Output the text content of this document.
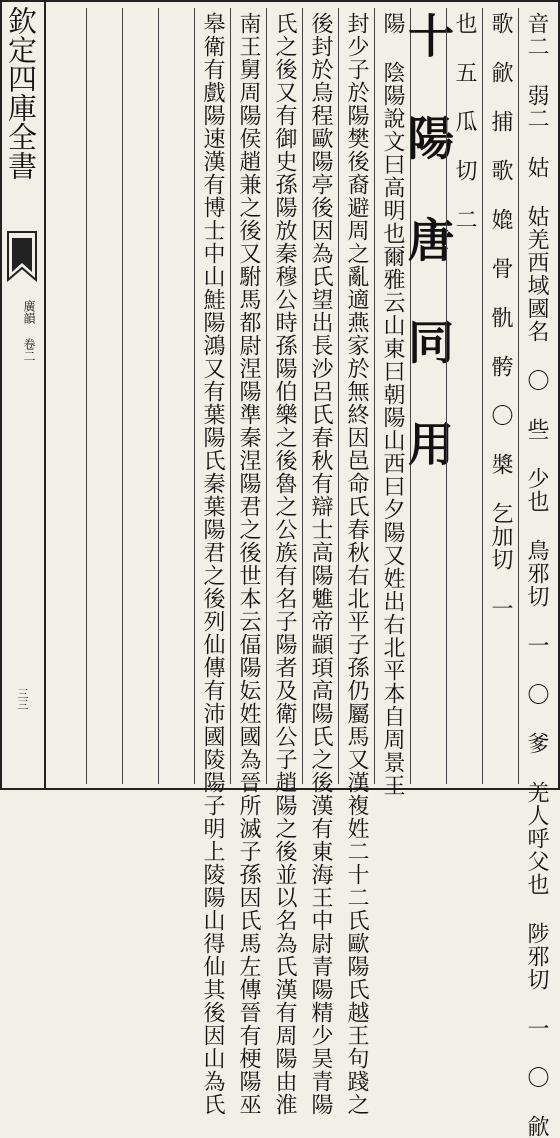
欽定四庫全書
廣韻 卷二
三三	音二 弱二 姑 姑羌西域國名 〇 些 少也 鳥邪切 一 〇 爹 羌人呼父也 陟邪切 一 〇 歈
歌 歈 捕 歌 嫓 骨 骩 骻 〇 槳 乞加切 一
也 五 瓜 切 二
十 陽 唐 同 用
陽 陰陽說文曰高明也爾雅云山東曰朝陽山西曰夕陽又姓出右北平本自周景王
封少子於陽樊後裔避周之亂適燕家於無終因邑命氏春秋右北平子孫仍屬馬又漢複姓二十二氏歐陽氏越王句踐之
後封於烏程歐陽亭後因為氏望出長沙呂氏春秋有辯士高陽魋帝顓頊高陽氏之後漢有東海王中尉青陽精少昊青陽
氏之後又有御史孫陽放秦穆公時孫陽伯樂之後魯之公族有名子陽者及衛公子趙陽之後並以名為氏漢有周陽由淮
南王舅周陽侯趙兼之後又駙馬都尉涅陽準秦涅陽君之後世本云偪陽妘姓國為晉所滅子孫因氏馬左傳晉有梗陽巫
皋衛有戲陽速漢有博士中山鮭陽鴻又有葉陽氏秦葉陽君之後列仙傳有沛國陵陽子明上陵陽山得仙其後因山為氏
